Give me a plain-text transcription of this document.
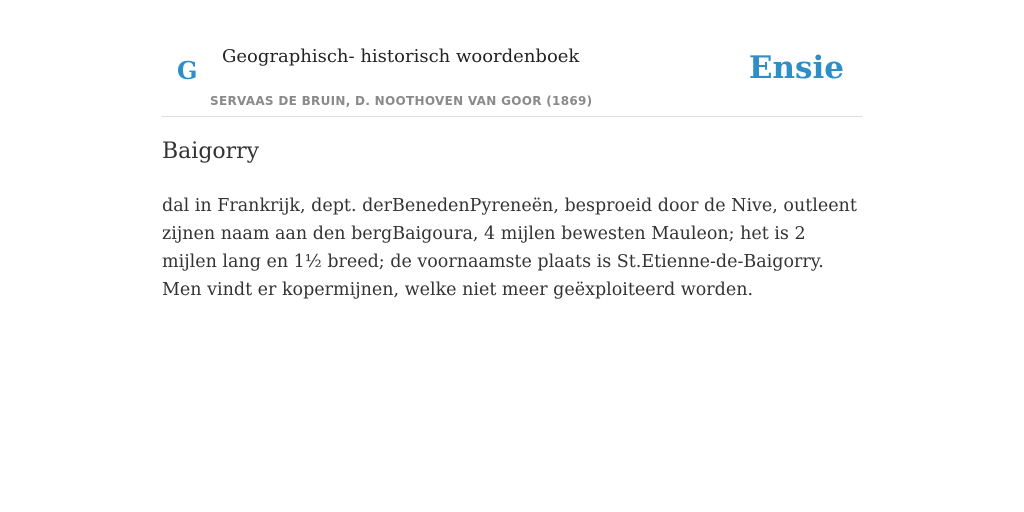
G Geographisch- historisch woordenboek
SERVAAS DE BRUIN, D. NOOTHOVEN VAN GOOR (1869)
Ensie
Baigorry

dal in Frankrijk, dept. derBenedenPyreneën, besproeid door de Nive, outleent zijnen naam aan den bergBaigoura, 4 mijlen bewesten Mauleon; het is 2 mijlen lang en 1½ breed; de voornaamste plaats is St.Etienne-de-Baigorry. Men vindt er kopermijnen, welke niet meer geëxploiteerd worden.
